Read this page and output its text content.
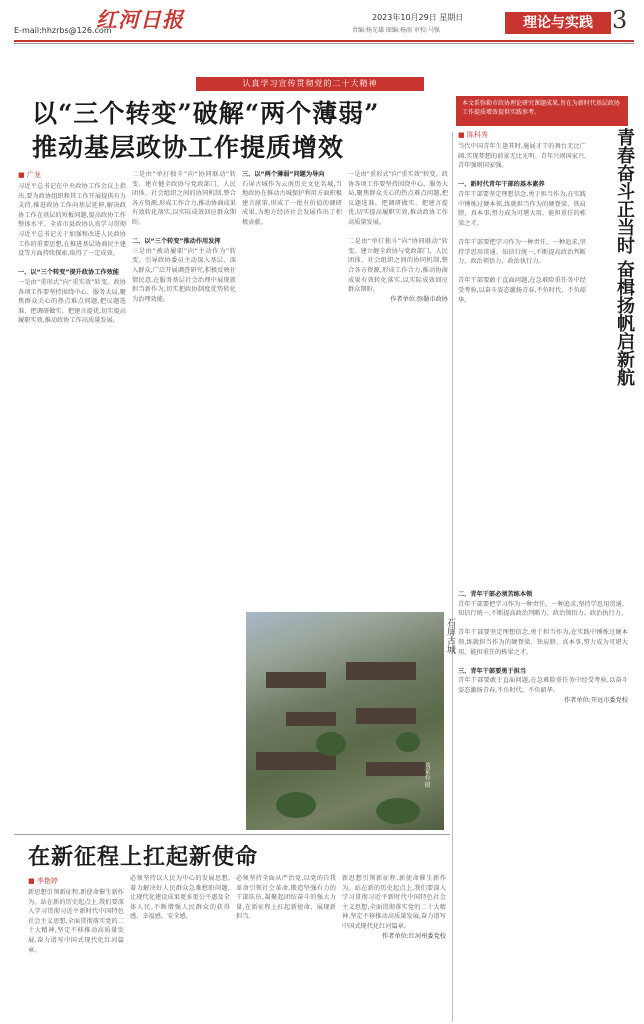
E-mail:hhzrbs@126.com
红河日报	2023年10月29日 星期日
责编:杨光雄 图编:杨雨 审校:马强	理论与实践 3
认真学习宣传贯彻党的二十大精神
以“三个转变”破解“两个薄弱”
推动基层政协工作提质增效
本文系弥勒市政协理论研究课题成果,旨在为新时代基层政协工作提质增效提供实践参考。
■ 广龙
习近平总书记在中央政协工作会议上指出,要为政协组织和其工作开展提供有力支持,推进政协工作向基层延伸,解决政协工作在基层的短板问题,提高政协工作整体水平。全省市县政协认真学习贯彻习近平总书记关于加强和改进人民政协工作的重要思想,在推进基层协商民主建设等方面持续探索,取得了一定成效。

一、以“三个转变”提升政协工作效能
一是由“重形式”向“重实效”转变。政协各项工作要坚持围绕中心、服务大局,聚焦群众关心的热点难点问题,把议题选准、把调研做实、把建言提优,切实提高履职实效,推动政协工作高质量发展。
二是由“单打独斗”向“协同联动”转变。建立健全政协与党政部门、人民团体、社会组织之间的协同机制,整合各方资源,形成工作合力,推动协商成果有效转化落实,以实际成效回应群众期盼。

二、以“三个转变”推动作用发挥
三是由“被动履职”向“主动作为”转变。引导政协委员主动深入基层、深入群众,广泛开展调查研究,积极反映社情民意,在服务基层社会治理中展现新担当新作为,切实把政协制度优势转化为治理效能。
三、以“两个薄弱”问题为导向
石屏古城作为云南历史文化名城,当地政协在推动古城保护利用方面积极建言献策,形成了一批有价值的调研成果,为地方经济社会发展作出了积极贡献。
一是由“重形式”向“重实效”转变。政协各项工作要坚持围绕中心、服务大局,聚焦群众关心的热点难点问题,把议题选准、把调研做实、把建言提优,切实提高履职实效,推动政协工作高质量发展。

二是由“单打独斗”向“协同联动”转变。建立健全政协与党政部门、人民团体、社会组织之间的协同机制,整合各方资源,形成工作合力,推动协商成果有效转化落实,以实际成效回应群众期盼。

作者单位:弥勒市政协
■ 陈科秀	青春奋斗正当时 奋楫扬帆启新航
当代中国青年生逢其时,施展才干的舞台无比广阔,实现梦想的前景无比光明。青年兴则国家兴,青年强则国家强。

一、新时代青年干部的基本素养
青年干部要坚定理想信念,勇于担当作为,在实践中锤炼过硬本领,练就担当作为的硬脊梁、铁肩膀、真本事,努力成为可堪大用、能担重任的栋梁之才。

青年干部要把学习作为一种责任、一种追求,坚持学思用贯通、知信行统一,不断提高政治判断力、政治领悟力、政治执行力。

青年干部要敢于直面问题,在急难险重任务中经受考验,以奋斗姿态激扬青春,不负时代、不负韶华。
二、青年干部必须苦练本领
青年干部要把学习作为一种责任、一种追求,坚持学思用贯通、知信行统一,不断提高政治判断力、政治领悟力、政治执行力。

青年干部要坚定理想信念,勇于担当作为,在实践中锤炼过硬本领,练就担当作为的硬脊梁、铁肩膀、真本事,努力成为可堪大用、能担重任的栋梁之才。

三、青年干部要勇于担当
青年干部要敢于直面问题,在急难险重任务中经受考验,以奋斗姿态激扬青春,不负时代、不负韶华。

作者单位:开远市委党校
刘家有 摄
石屏古城
在新征程上扛起新使命
■ 李艳婷
新思想引领新征程,新使命催生新作为。站在新的历史起点上,我们要深入学习贯彻习近平新时代中国特色社会主义思想,全面贯彻落实党的二十大精神,坚定不移推动高质量发展,奋力谱写中国式现代化红河篇章。
必须坚持以人民为中心的发展思想,着力解决好人民群众急难愁盼问题,让现代化建设成果更多更公平惠及全体人民,不断增强人民群众的获得感、幸福感、安全感。
必须坚持全面从严治党,以党的自我革命引领社会革命,锻造坚强有力的干部队伍,凝聚起团结奋斗的强大力量,在新征程上扛起新使命、展现新担当。
新思想引领新征程,新使命催生新作为。站在新的历史起点上,我们要深入学习贯彻习近平新时代中国特色社会主义思想,全面贯彻落实党的二十大精神,坚定不移推动高质量发展,奋力谱写中国式现代化红河篇章。

作者单位:红河州委党校
